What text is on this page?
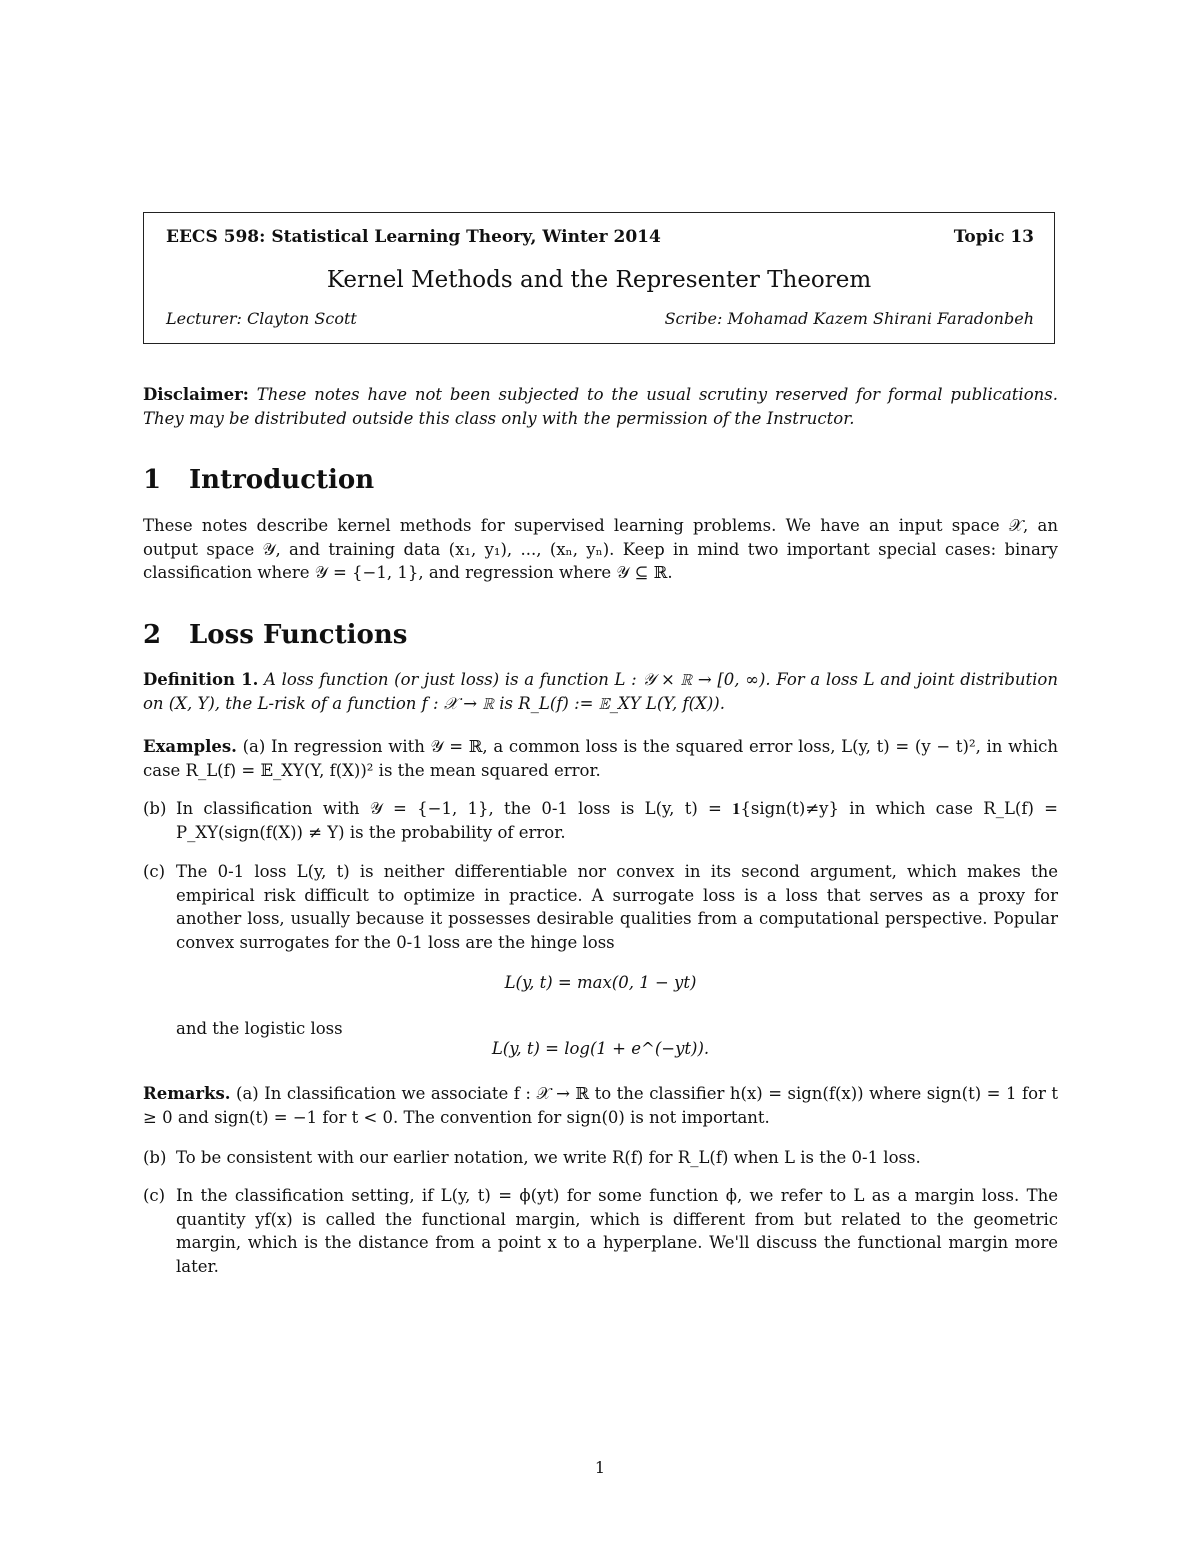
EECS 598: Statistical Learning Theory, Winter 2014	Topic 13
Kernel Methods and the Representer Theorem
Lecturer: Clayton Scott	Scribe: Mohamad Kazem Shirani Faradonbeh
Disclaimer: These notes have not been subjected to the usual scrutiny reserved for formal publications. They may be distributed outside this class only with the permission of the Instructor.
1 Introduction
These notes describe kernel methods for supervised learning problems. We have an input space 𝒳, an output space 𝒴, and training data (x₁, y₁), ..., (xₙ, yₙ). Keep in mind two important special cases: binary classification where 𝒴 = {−1, 1}, and regression where 𝒴 ⊆ ℝ.
2 Loss Functions
Definition 1. A loss function (or just loss) is a function L : 𝒴 × ℝ → [0, ∞). For a loss L and joint distribution on (X, Y), the L-risk of a function f : 𝒳 → ℝ is R_L(f) := 𝔼_XY L(Y, f(X)).
Examples. (a) In regression with 𝒴 = ℝ, a common loss is the squared error loss, L(y, t) = (y − t)², in which case R_L(f) = 𝔼_XY(Y, f(X))² is the mean squared error.
(b) In classification with 𝒴 = {−1, 1}, the 0-1 loss is L(y, t) = 𝟏{sign(t)≠y} in which case R_L(f) = P_XY(sign(f(X)) ≠ Y) is the probability of error.
(c) The 0-1 loss L(y, t) is neither differentiable nor convex in its second argument, which makes the empirical risk difficult to optimize in practice. A surrogate loss is a loss that serves as a proxy for another loss, usually because it possesses desirable qualities from a computational perspective. Popular convex surrogates for the 0-1 loss are the hinge loss
L(y, t) = max(0, 1 − yt)
and the logistic loss
L(y, t) = log(1 + e^(−yt)).
Remarks. (a) In classification we associate f : 𝒳 → ℝ to the classifier h(x) = sign(f(x)) where sign(t) = 1 for t ≥ 0 and sign(t) = −1 for t < 0. The convention for sign(0) is not important.
(b) To be consistent with our earlier notation, we write R(f) for R_L(f) when L is the 0-1 loss.
(c) In the classification setting, if L(y, t) = ϕ(yt) for some function ϕ, we refer to L as a margin loss. The quantity yf(x) is called the functional margin, which is different from but related to the geometric margin, which is the distance from a point x to a hyperplane. We'll discuss the functional margin more later.
1
